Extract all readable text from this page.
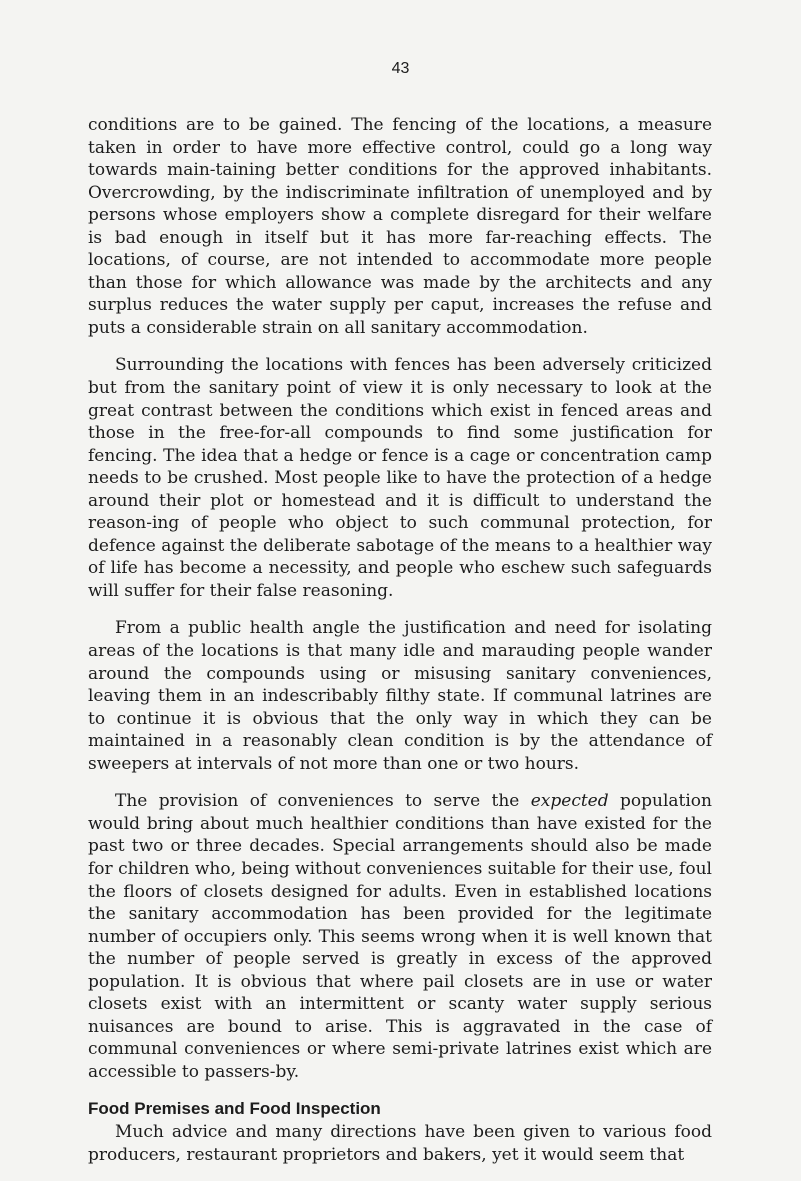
43

conditions are to be gained. The fencing of the locations, a measure taken in order to have more effective control, could go a long way towards main-taining better conditions for the approved inhabitants. Overcrowding, by the indiscriminate infiltration of unemployed and by persons whose employers show a complete disregard for their welfare is bad enough in itself but it has more far-reaching effects. The locations, of course, are not intended to accommodate more people than those for which allowance was made by the architects and any surplus reduces the water supply per caput, increases the refuse and puts a considerable strain on all sanitary accommodation.

Surrounding the locations with fences has been adversely criticized but from the sanitary point of view it is only necessary to look at the great contrast between the conditions which exist in fenced areas and those in the free-for-all compounds to find some justification for fencing. The idea that a hedge or fence is a cage or concentration camp needs to be crushed. Most people like to have the protection of a hedge around their plot or homestead and it is difficult to understand the reason-ing of people who object to such communal protection, for defence against the deliberate sabotage of the means to a healthier way of life has become a necessity, and people who eschew such safeguards will suffer for their false reasoning.

From a public health angle the justification and need for isolating areas of the locations is that many idle and marauding people wander around the compounds using or misusing sanitary conveniences, leaving them in an indescribably filthy state. If communal latrines are to continue it is obvious that the only way in which they can be maintained in a reasonably clean condition is by the attendance of sweepers at intervals of not more than one or two hours.

The provision of conveniences to serve the expected population would bring about much healthier conditions than have existed for the past two or three decades. Special arrangements should also be made for children who, being without conveniences suitable for their use, foul the floors of closets designed for adults. Even in established locations the sanitary accommodation has been provided for the legitimate number of occupiers only. This seems wrong when it is well known that the number of people served is greatly in excess of the approved population. It is obvious that where pail closets are in use or water closets exist with an intermittent or scanty water supply serious nuisances are bound to arise. This is aggravated in the case of communal conveniences or where semi-private latrines exist which are accessible to passers-by.

Food Premises and Food Inspection

Much advice and many directions have been given to various food producers, restaurant proprietors and bakers, yet it would seem that
